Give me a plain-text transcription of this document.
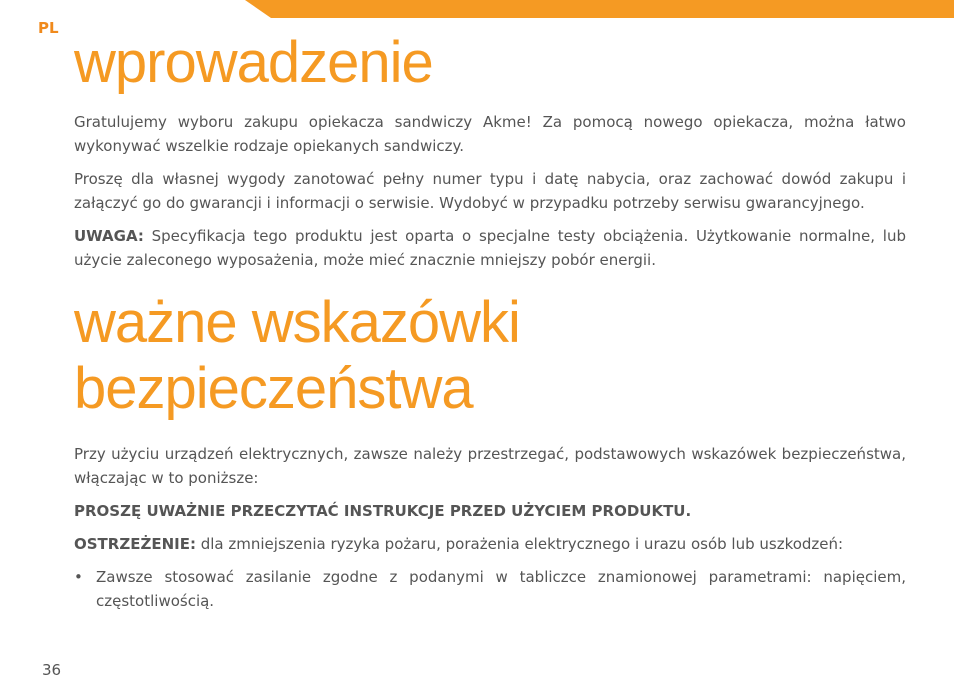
PL
wprowadzenie

Gratulujemy wyboru zakupu opiekacza sandwiczy Akme! Za pomocą nowego opiekacza, można łatwo wykonywać wszelkie rodzaje opiekanych sandwiczy.

Proszę dla własnej wygody zanotować pełny numer typu i datę nabycia, oraz zachować dowód zakupu i załączyć go do gwarancji i informacji o serwisie. Wydobyć w przypadku potrzeby serwisu gwarancyjnego.

UWAGA: Specyfikacja tego produktu jest oparta o specjalne testy obciążenia. Użytkowanie normalne, lub użycie zaleconego wyposażenia, może mieć znacznie mniejszy pobór energii.

ważne wskazówki
bezpieczeństwa

Przy użyciu urządzeń elektrycznych, zawsze należy przestrzegać, podstawowych wskazówek bezpieczeństwa, włączając w to poniższe:

PROSZĘ UWAŻNIE PRZECZYTAĆ INSTRUKCJE PRZED UŻYCIEM PRODUKTU.

OSTRZEŻENIE: dla zmniejszenia ryzyka pożaru, porażenia elektrycznego i urazu osób lub uszkodzeń:

• Zawsze stosować zasilanie zgodne z podanymi w tabliczce znamionowej parametrami: napięciem, częstotliwością.
36
